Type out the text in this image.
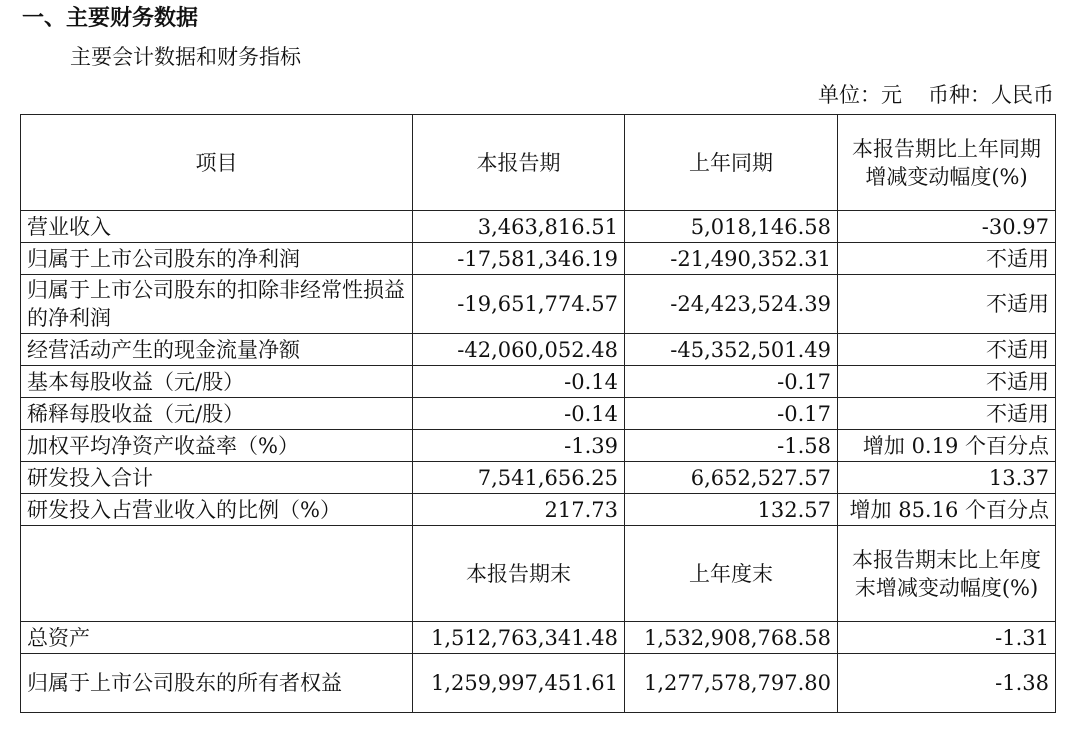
一、主要财务数据
主要会计数据和财务指标
单位：元 币种：人民币
项目	本报告期	上年同期	本报告期比上年同期增减变动幅度(%)
营业收入	3,463,816.51	5,018,146.58	-30.97
归属于上市公司股东的净利润	-17,581,346.19	-21,490,352.31	不适用
归属于上市公司股东的扣除非经常性损益的净利润	-19,651,774.57	-24,423,524.39	不适用
经营活动产生的现金流量净额	-42,060,052.48	-45,352,501.49	不适用
基本每股收益（元/股）	-0.14	-0.17	不适用
稀释每股收益（元/股）	-0.14	-0.17	不适用
加权平均净资产收益率（%）	-1.39	-1.58	增加 0.19 个百分点
研发投入合计	7,541,656.25	6,652,527.57	13.37
研发投入占营业收入的比例（%）	217.73	132.57	增加 85.16 个百分点
	本报告期末	上年度末	本报告期末比上年度末增减变动幅度(%)
总资产	1,512,763,341.48	1,532,908,768.58	-1.31
归属于上市公司股东的所有者权益	1,259,997,451.61	1,277,578,797.80	-1.38
